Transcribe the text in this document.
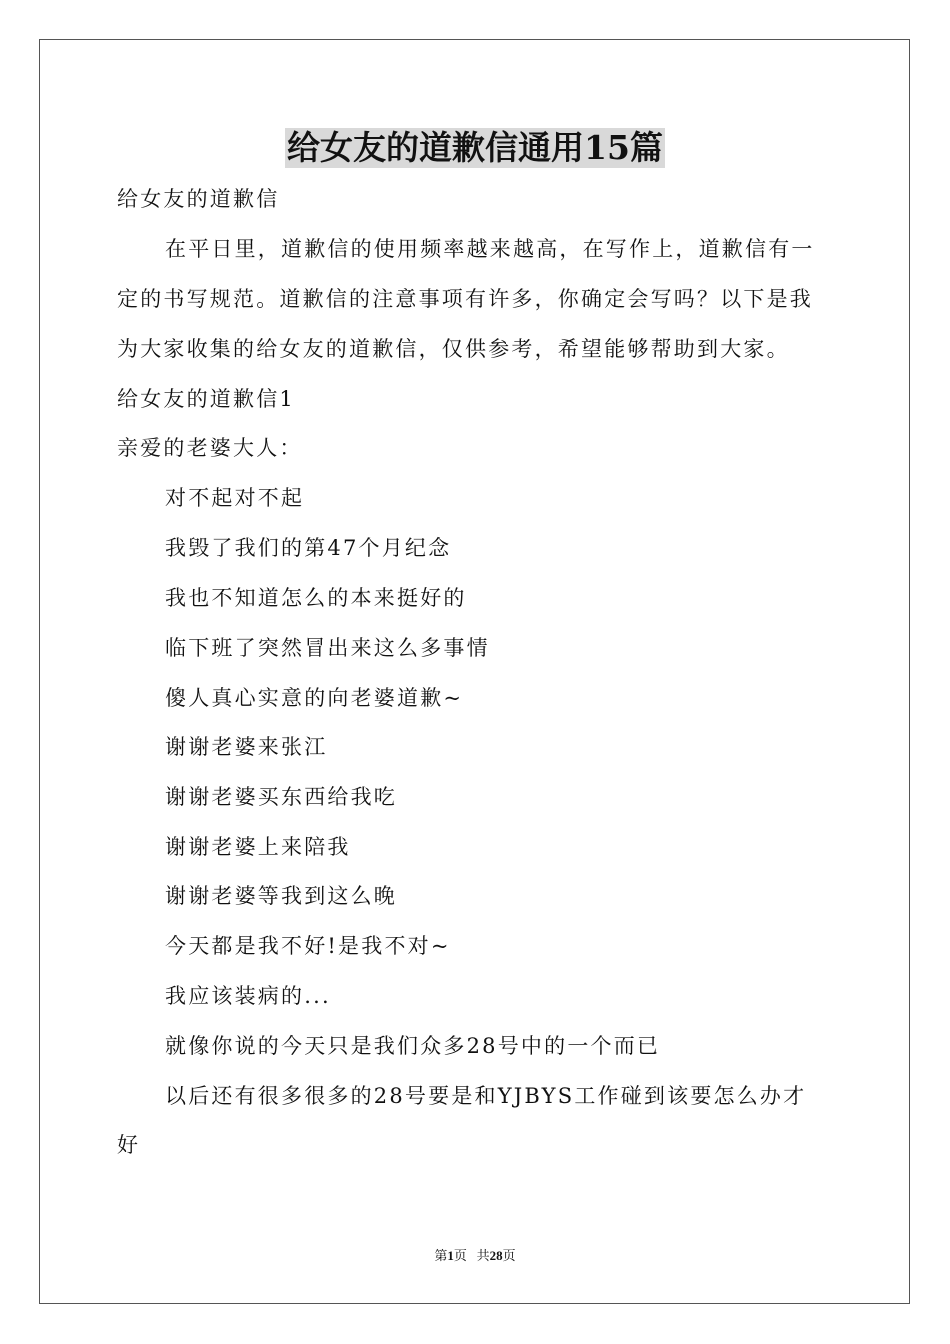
给女友的道歉信通用15篇
给女友的道歉信
在平日里，道歉信的使用频率越来越高，在写作上，道歉信有一
定的书写规范。道歉信的注意事项有许多，你确定会写吗？以下是我
为大家收集的给女友的道歉信，仅供参考，希望能够帮助到大家。
给女友的道歉信1
亲爱的老婆大人：
对不起对不起
我毁了我们的第47个月纪念
我也不知道怎么的本来挺好的
临下班了突然冒出来这么多事情
傻人真心实意的向老婆道歉~
谢谢老婆来张江
谢谢老婆买东西给我吃
谢谢老婆上来陪我
谢谢老婆等我到这么晚
今天都是我不好!是我不对~
我应该装病的...
就像你说的今天只是我们众多28号中的一个而已
以后还有很多很多的28号要是和YJBYS工作碰到该要怎么办才
好
第1页 共28页
